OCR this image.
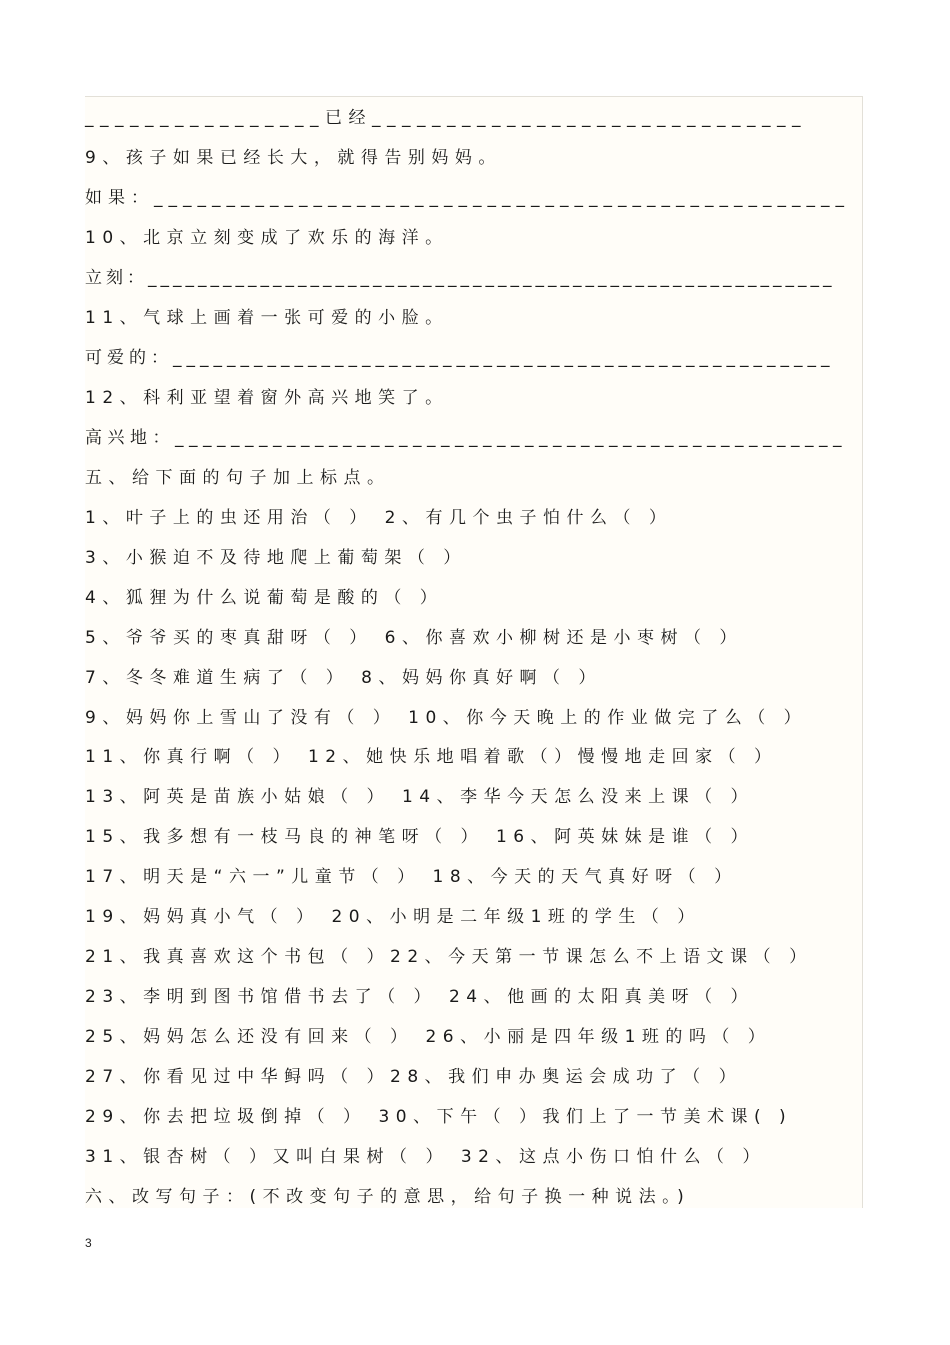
________________已经_____________________________
9、孩子如果已经长大，就得告别妈妈。
如果：________________________________________________
10、北京立刻变成了欢乐的海洋。
立刻：_______________________________________________________
11、气球上画着一张可爱的小脸。
可爱的：_________________________________________________
12、科利亚望着窗外高兴地笑了。
高兴地：________________________________________________
五、给下面的句子加上标点。
1、叶子上的虫还用治（ ） 2、有几个虫子怕什么（ ）
3、小猴迫不及待地爬上葡萄架（ ）
4、狐狸为什么说葡萄是酸的（ ）
5、爷爷买的枣真甜呀（ ） 6、你喜欢小柳树还是小枣树（ ）
7、冬冬难道生病了（ ） 8、妈妈你真好啊（ ）
9、妈妈你上雪山了没有（ ） 10、你今天晚上的作业做完了么（ ）
11、你真行啊（ ） 12、她快乐地唱着歌（）慢慢地走回家（ ）
13、阿英是苗族小姑娘（ ） 14、李华今天怎么没来上课（ ）
15、我多想有一枝马良的神笔呀（ ） 16、阿英妹妹是谁（ ）
17、明天是“六一”儿童节（ ） 18、今天的天气真好呀（ ）
19、妈妈真小气（ ） 20、小明是二年级1班的学生（ ）
21、我真喜欢这个书包（ ）22、今天第一节课怎么不上语文课（ ）
23、李明到图书馆借书去了（ ） 24、他画的太阳真美呀（ ）
25、妈妈怎么还没有回来（ ） 26、小丽是四年级1班的吗（ ）
27、你看见过中华鲟吗（ ）28、我们申办奥运会成功了（ ）
29、你去把垃圾倒掉（ ） 30、下午（ ）我们上了一节美术课( )
31、银杏树（ ）又叫白果树（ ） 32、这点小伤口怕什么（ ）
六、改写句子：(不改变句子的意思，给句子换一种说法。)
3
